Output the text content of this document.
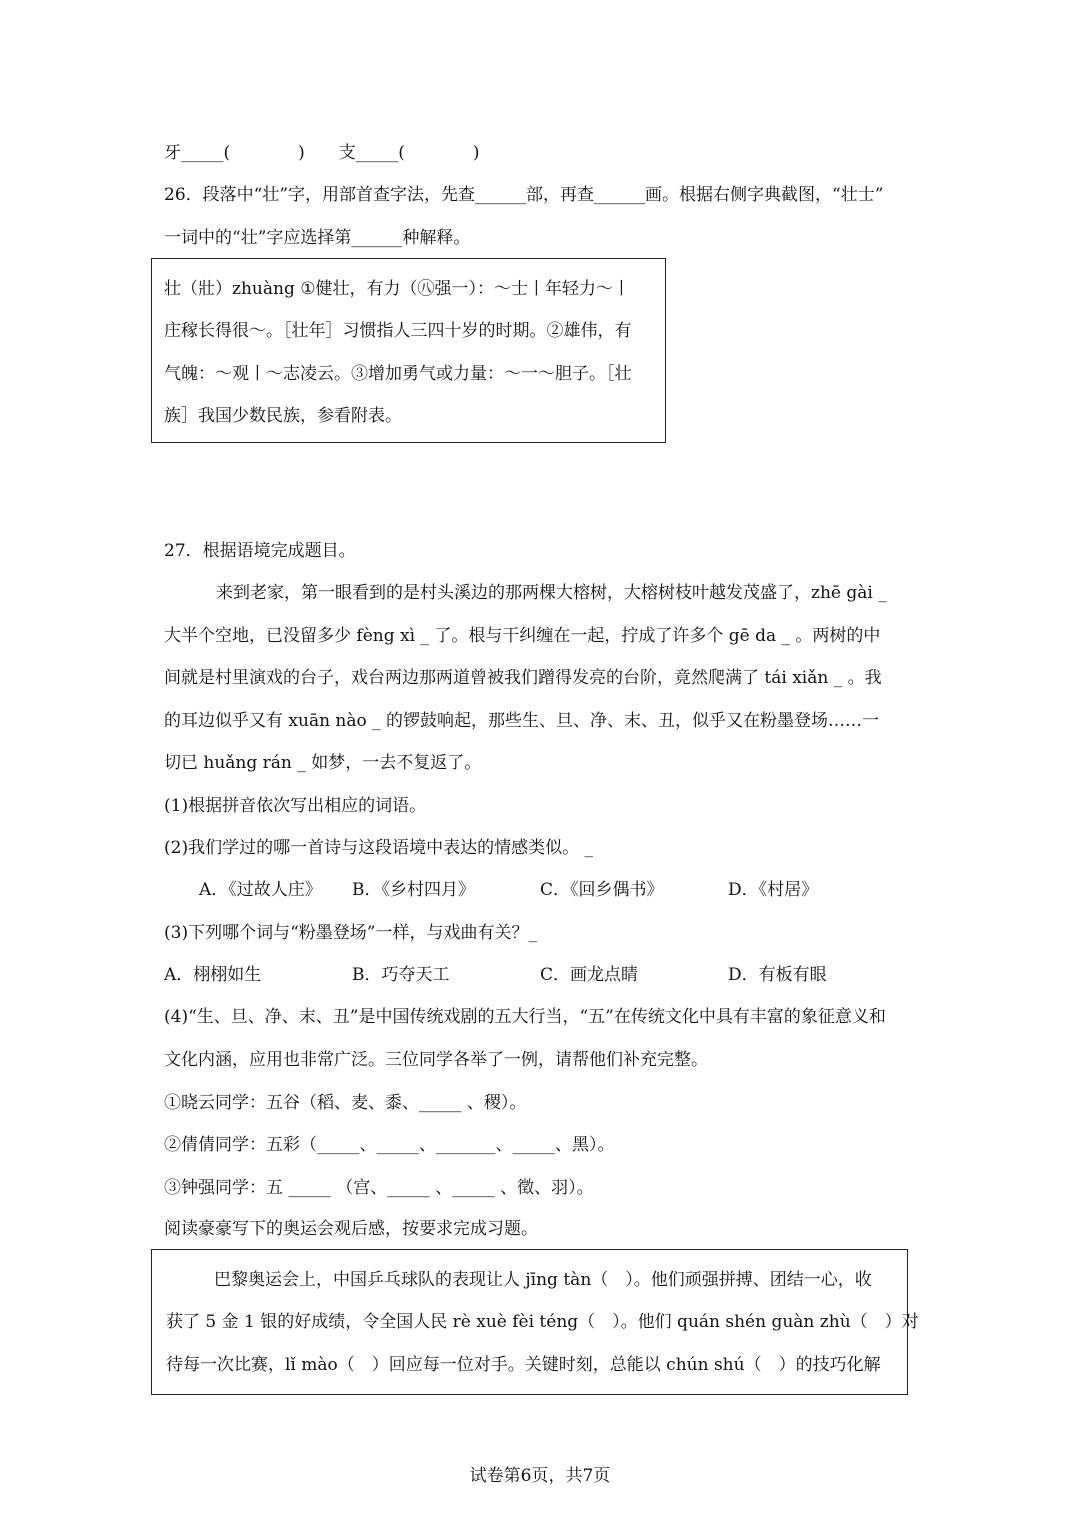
牙_____(　　　　)　　支_____(　　　　)
26．段落中“壮”字，用部首查字法，先查______部，再查______画。根据右侧字典截图，“壮士”
一词中的“壮”字应选择第______种解释。
壮（壯）zhuàng ①健壮，有力（㊇强一）：～士丨年轻力～丨
庄稼长得很～。［壮年］习惯指人三四十岁的时期。②雄伟，有
气魄：～观丨～志凌云。③增加勇气或力量：～一～胆子。［壮
族］我国少数民族，参看附表。
27．根据语境完成题目。
来到老家，第一眼看到的是村头溪边的那两棵大榕树，大榕树枝叶越发茂盛了，zhē gài _
大半个空地，已没留多少 fèng xì _ 了。根与干纠缠在一起，拧成了许多个 gē da _ 。两树的中
间就是村里演戏的台子，戏台两边那两道曾被我们蹭得发亮的台阶，竟然爬满了 tái xiǎn _ 。我
的耳边似乎又有 xuān nào _ 的锣鼓响起，那些生、旦、净、末、丑，似乎又在粉墨登场……一
切已 huǎng rán _ 如梦，一去不复返了。
(1)根据拼音依次写出相应的词语。
(2)我们学过的哪一首诗与这段语境中表达的情感类似。 _
A．《过故人庄》 B．《乡村四月》	C．《回乡偶书》	D．《村居》
(3)下列哪个词与“粉墨登场”一样，与戏曲有关？_
A．栩栩如生	B．巧夺天工	C．画龙点睛	D．有板有眼
(4)“生、旦、净、末、丑”是中国传统戏剧的五大行当，“五”在传统文化中具有丰富的象征意义和
文化内涵，应用也非常广泛。三位同学各举了一例，请帮他们补充完整。
①晓云同学：五谷（稻、麦、黍、_____ 、稷）。
②倩倩同学：五彩（_____、_____、_______、_____、黑）。
③钟强同学：五 _____ （宫、_____ 、_____ 、徵、羽）。
阅读豪豪写下的奥运会观后感，按要求完成习题。
巴黎奥运会上，中国乒乓球队的表现让人 jīng tàn（　）。他们顽强拼搏、团结一心，收
获了 5 金 1 银的好成绩，令全国人民 rè xuè fèi téng（　）。他们 quán shén guàn zhù（　）对
待每一次比赛，lǐ mào（　）回应每一位对手。关键时刻，总能以 chún shú（　）的技巧化解
试卷第6页，共7页
